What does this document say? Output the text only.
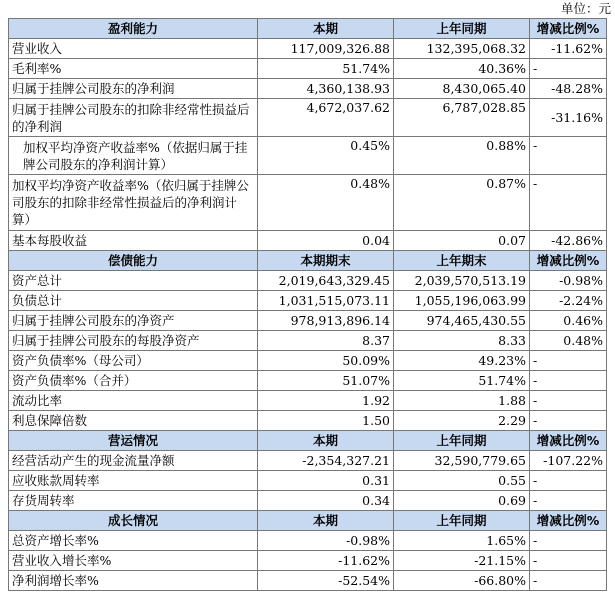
单位：元
盈利能力	本期	上年同期	增减比例%
营业收入	117,009,326.88	132,395,068.32	-11.62%
毛利率%	51.74%	40.36%	-
归属于挂牌公司股东的净利润	4,360,138.93	8,430,065.40	-48.28%
归属于挂牌公司股东的扣除非经常性损益后的净利润	4,672,037.62	6,787,028.85	-31.16%
加权平均净资产收益率%（依据归属于挂牌公司股东的净利润计算）	0.45%	0.88%	-
加权平均净资产收益率%（依归属于挂牌公司股东的扣除非经常性损益后的净利润计算）	0.48%	0.87%	-
基本每股收益	0.04	0.07	-42.86%
偿债能力	本期期末	上年期末	增减比例%
资产总计	2,019,643,329.45	2,039,570,513.19	-0.98%
负债总计	1,031,515,073.11	1,055,196,063.99	-2.24%
归属于挂牌公司股东的净资产	978,913,896.14	974,465,430.55	0.46%
归属于挂牌公司股东的每股净资产	8.37	8.33	0.48%
资产负债率%（母公司）	50.09%	49.23%	-
资产负债率%（合并）	51.07%	51.74%	-
流动比率	1.92	1.88	-
利息保障倍数	1.50	2.29	-
营运情况	本期	上年同期	增减比例%
经营活动产生的现金流量净额	-2,354,327.21	32,590,779.65	-107.22%
应收账款周转率	0.31	0.55	-
存货周转率	0.34	0.69	-
成长情况	本期	上年同期	增减比例%
总资产增长率%	-0.98%	1.65%	-
营业收入增长率%	-11.62%	-21.15%	-
净利润增长率%	-52.54%	-66.80%	-
